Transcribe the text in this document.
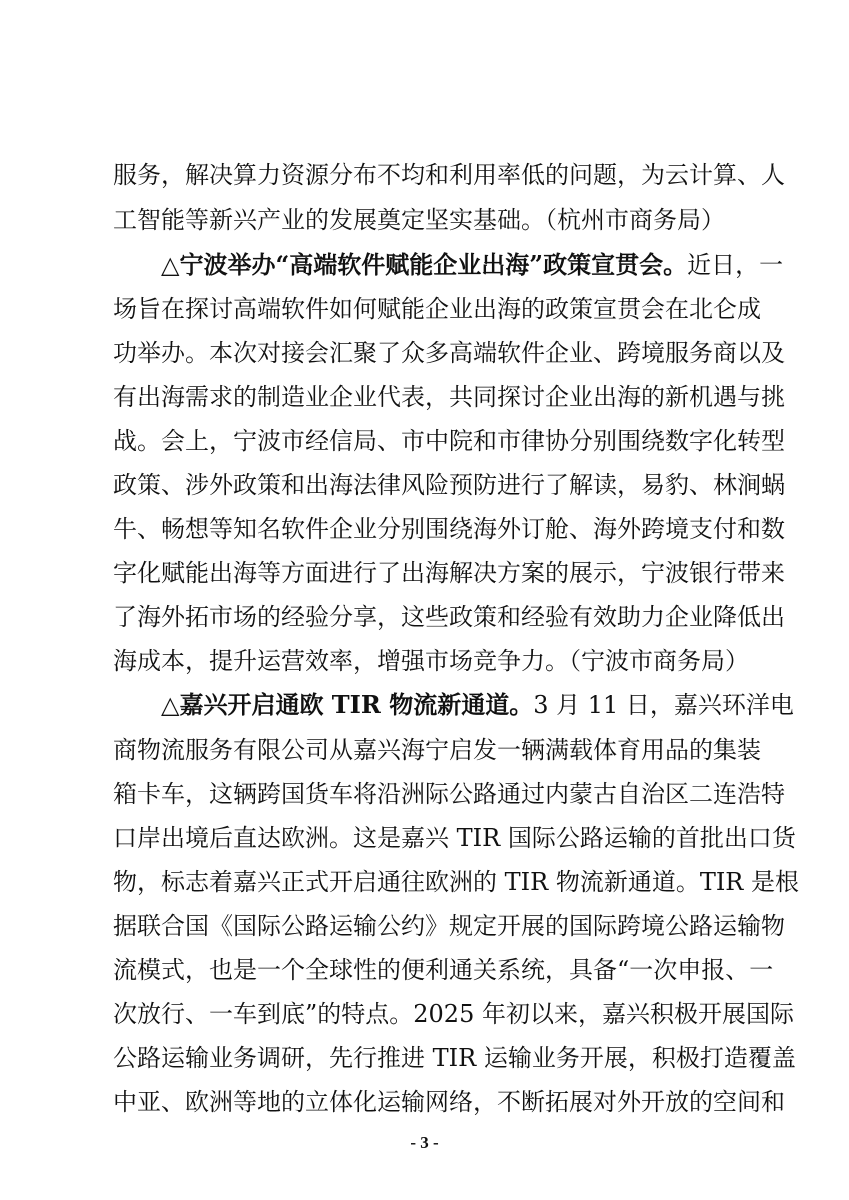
服务，解决算力资源分布不均和利用率低的问题，为云计算、人
工智能等新兴产业的发展奠定坚实基础。（杭州市商务局）
△宁波举办“高端软件赋能企业出海”政策宣贯会。近日，一
场旨在探讨高端软件如何赋能企业出海的政策宣贯会在北仑成
功举办。本次对接会汇聚了众多高端软件企业、跨境服务商以及
有出海需求的制造业企业代表，共同探讨企业出海的新机遇与挑
战。会上，宁波市经信局、市中院和市律协分别围绕数字化转型
政策、涉外政策和出海法律风险预防进行了解读，易豹、林涧蜗
牛、畅想等知名软件企业分别围绕海外订舱、海外跨境支付和数
字化赋能出海等方面进行了出海解决方案的展示，宁波银行带来
了海外拓市场的经验分享，这些政策和经验有效助力企业降低出
海成本，提升运营效率，增强市场竞争力。（宁波市商务局）
△嘉兴开启通欧 TIR 物流新通道。3 月 11 日，嘉兴环洋电
商物流服务有限公司从嘉兴海宁启发一辆满载体育用品的集装
箱卡车，这辆跨国货车将沿洲际公路通过内蒙古自治区二连浩特
口岸出境后直达欧洲。这是嘉兴 TIR 国际公路运输的首批出口货
物，标志着嘉兴正式开启通往欧洲的 TIR 物流新通道。TIR 是根
据联合国《国际公路运输公约》规定开展的国际跨境公路运输物
流模式，也是一个全球性的便利通关系统，具备“一次申报、一
次放行、一车到底”的特点。2025 年初以来，嘉兴积极开展国际
公路运输业务调研，先行推进 TIR 运输业务开展，积极打造覆盖
中亚、欧洲等地的立体化运输网络，不断拓展对外开放的空间和
- 3 -
